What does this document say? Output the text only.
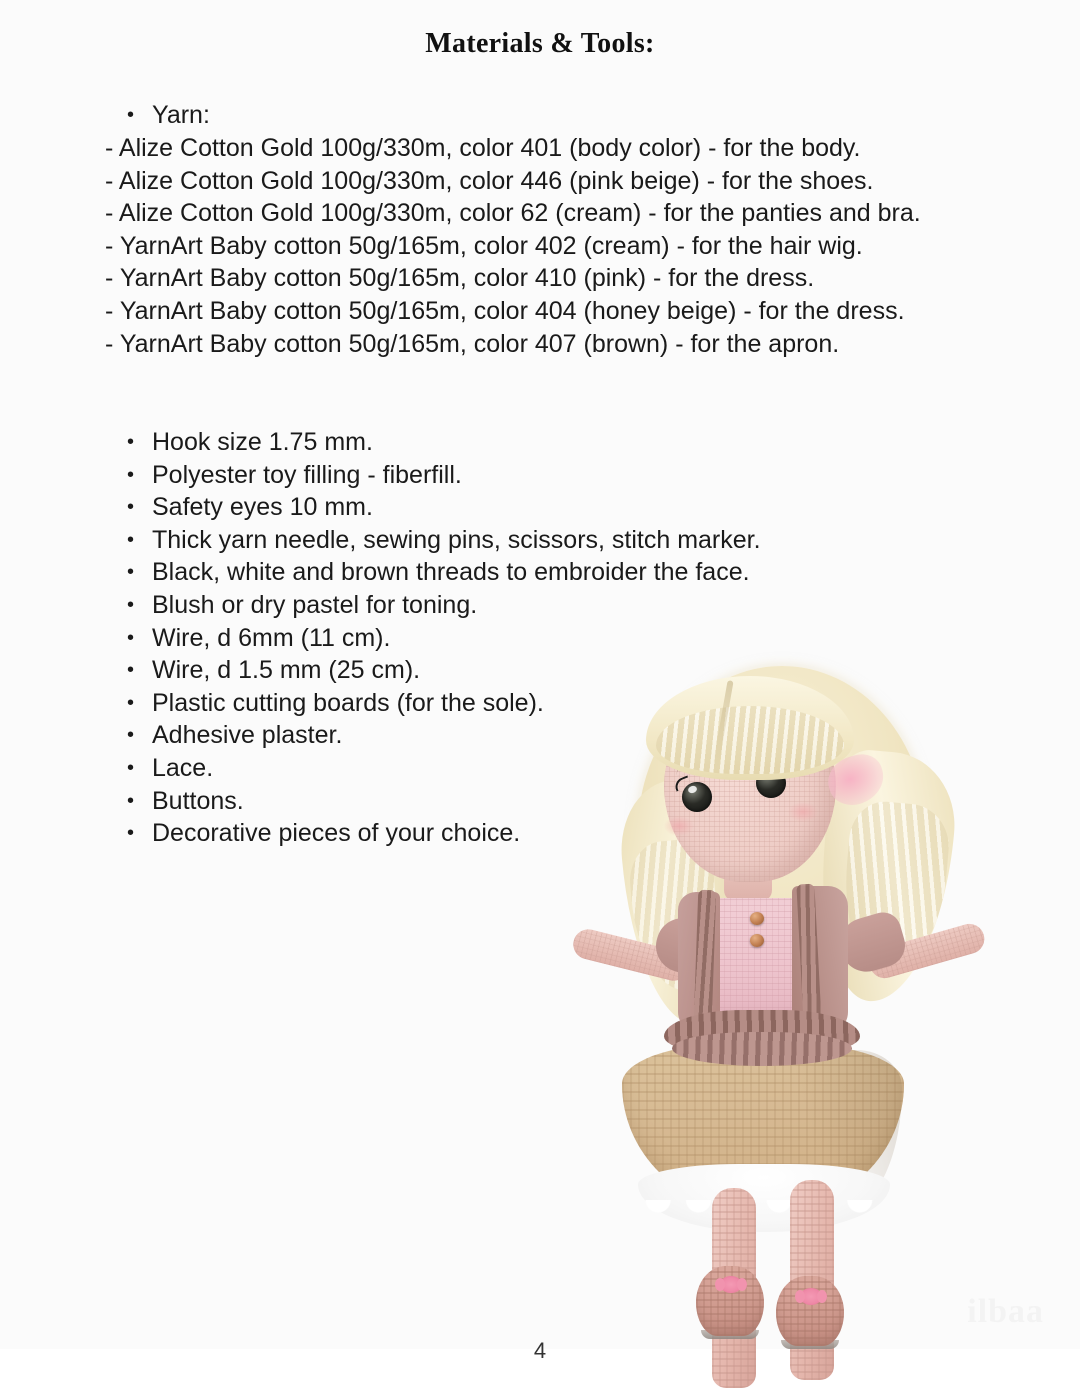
Materials & Tools:
• Yarn:
- Alize Cotton Gold 100g/330m, color 401 (body color) - for the body.
- Alize Cotton Gold 100g/330m, color 446 (pink beige) - for the shoes.
- Alize Cotton Gold 100g/330m, color 62 (cream) - for the panties and bra.
- YarnArt Baby cotton 50g/165m, color 402 (cream) - for the hair wig.
- YarnArt Baby cotton 50g/165m, color 410 (pink) - for the dress.
- YarnArt Baby cotton 50g/165m, color 404 (honey beige) - for the dress.
- YarnArt Baby cotton 50g/165m, color 407 (brown) - for the apron.
• Hook size 1.75 mm.
• Polyester toy filling - fiberfill.
• Safety eyes 10 mm.
• Thick yarn needle, sewing pins, scissors, stitch marker.
• Black, white and brown threads to embroider the face.
• Blush or dry pastel for toning.
• Wire, d 6mm (11 cm).
• Wire, d 1.5 mm (25 cm).
• Plastic cutting boards (for the sole).
• Adhesive plaster.
• Lace.
• Buttons.
• Decorative pieces of your choice.
ilbaa
4
